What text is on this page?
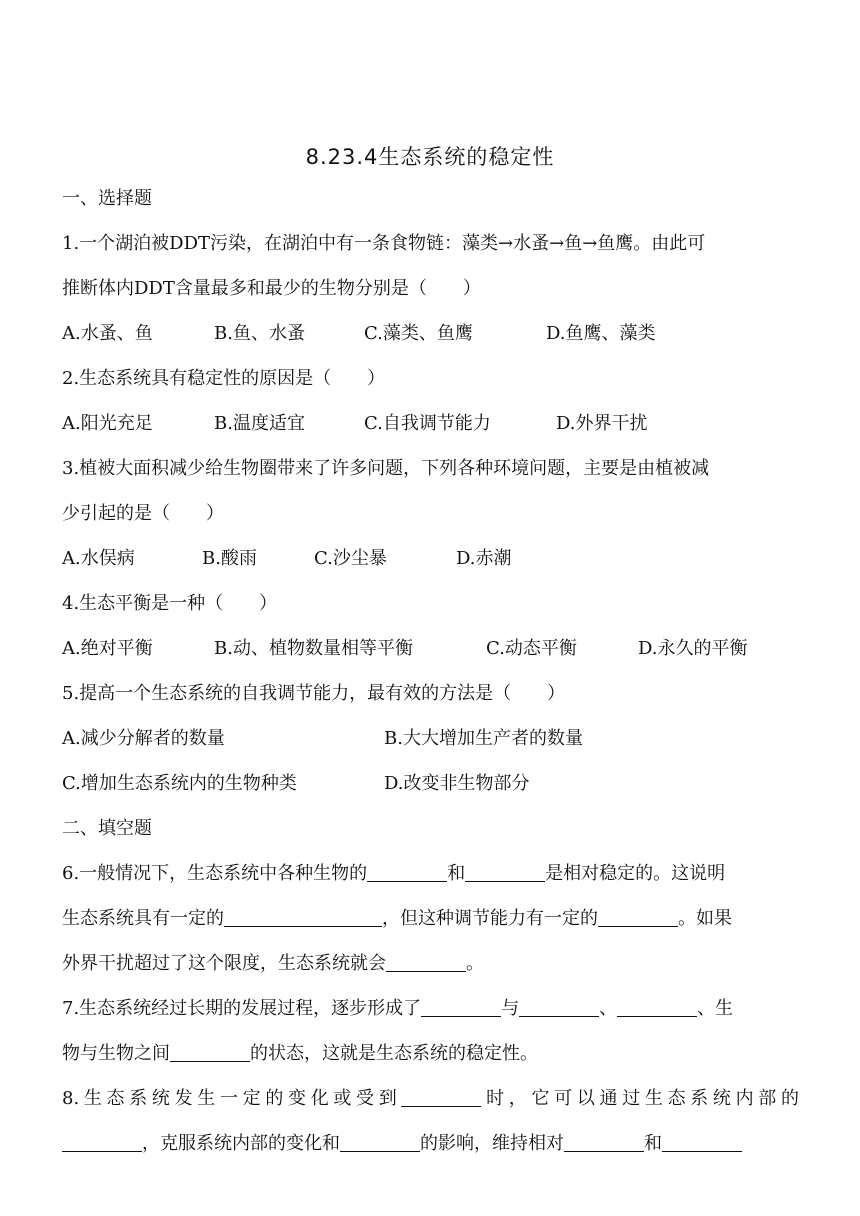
8.23.4生态系统的稳定性
一、选择题
1.一个湖泊被DDT污染，在湖泊中有一条食物链：藻类→水蚤→鱼→鱼鹰。由此可
推断体内DDT含量最多和最少的生物分别是（　　）
A.水蚤、鱼	B.鱼、水蚤	C.藻类、鱼鹰	D.鱼鹰、藻类
2.生态系统具有稳定性的原因是（　　）
A.阳光充足	B.温度适宜	C.自我调节能力	D.外界干扰
3.植被大面积减少给生物圈带来了许多问题，下列各种环境问题，主要是由植被减
少引起的是（　　）
A.水俣病	B.酸雨	C.沙尘暴	D.赤潮
4.生态平衡是一种（　　）
A.绝对平衡	B.动、植物数量相等平衡	C.动态平衡	D.永久的平衡
5.提高一个生态系统的自我调节能力，最有效的方法是（　　）
A.减少分解者的数量	B.大大增加生产者的数量
C.增加生态系统内的生物种类	D.改变非生物部分
二、填空题
6.一般情况下，生态系统中各种生物的	和	是相对稳定的。这说明
生态系统具有一定的	，但这种调节能力有一定的	。如果
外界干扰超过了这个限度，生态系统就会	。
7.生态系统经过长期的发展过程，逐步形成了	与	、	、生
物与生物之间	的状态，这就是生态系统的稳定性。
8.生态系统发生一定的变化或受到	时，它可以通过生态系统内部的
，克服系统内部的变化和	的影响，维持相对	和
